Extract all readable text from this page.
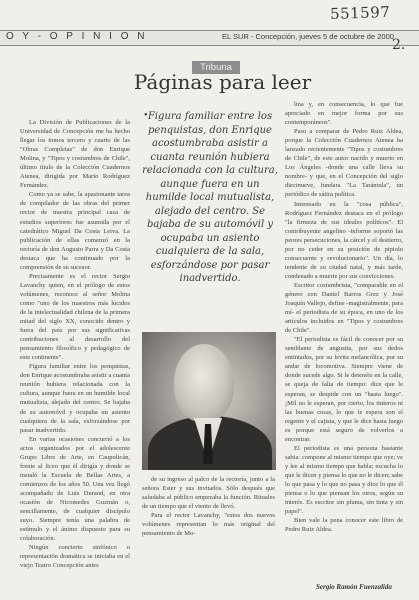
551597
O Y - O P I N I O N	EL SUR - Concepción, jueves 5 de octubre de 2000
2.
Tribuna
Páginas para leer

La División de Publicaciones de la Universidad de Concepción me ha hecho llegar los tomos tercero y cuarto de las "Obras Completas" de don Enrique Molina, y "Tipos y costumbres de Chile", último título de la Colección Cuadernos Atenea, dirigida por Mario Rodríguez Fernández.

Como ya se sabe, la apasionante tarea de compilador de las obras del primer rector de nuestra principal casa de estudios superiores fue asumida por el catedrático Miguel Da Costa Leiva. La publicación de ellas comenzó en la rectoría de don Augusto Parra y Da Costa destaca que ha continuado por la comprensión de su sucesor.

Precisamente es el rector Sergio Lavanchy quien, en el prólogo de estos volúmenes, reconoce al señor Molina como "uno de los maestros más lúcidos de la intelectualidad chilena de la primera mitad del siglo XX, conocido dentro y fuera del país por sus significativas contribuciones al desarrollo del pensamiento filosófico y pedagógico de este continente".

Figura familiar entre los penquistas, don Enrique acostumbraba asistir a cuanta reunión hubiera relacionada con la cultura, aunque fuera en un humilde local mutualista, alejado del centro. Se bajaba de su automóvil y ocupaba un asiento cualquiera de la sala, esforzándose por pasar inadvertido.

En varias ocasiones concurrió a los actos organizados por el adolescente Grupo Libre de Arte, en Caupolicán, frente al liceo que él dirigía y donde se instaló la Escuela de Bellas Artes, a comienzos de los años 50. Una vez llegó acompañado de Luis Durand, en otra ocasión de Nicomedes Guzmán o, sencillamente, de cualquier discípulo suyo. Siempre tenía una palabra de estímulo y el ánimo dispuesto para su colaboración.

Ningún concierto sinfónico o representación dramática se iniciaba en el viejo Teatro Concepción antes

• Figura familiar entre los penquistas, don Enrique acostumbraba asistir a cuanta reunión hubiera relacionada con la cultura, aunque fuera en un humilde local mutualista, alejado del centro. Se bajaba de su automóvil y ocupaba un asiento cualquiera de la sala, esforzándose por pasar inadvertido.

de su ingreso al palco de la rectoría, junto a la señora Ester y sus invitados. Sólo después que saludaba al público empezaba la función. Rituales de un tiempo que el viento de llevó.

Para el rector Lavanchy, "estos dos nuevos volúmenes representan lo más original del pensamiento de Mo-

lina y, en consecuencia, lo que fue apreciado en mejor forma por sus contemporáneos".

Paso a comparar de Pedro Ruiz Aldea, porque la Colección Cuadernos Atenea ha lanzado recientemente "Tipos y costumbres de Chile", de este autor nacido y muerto en Los Ángeles -donde una calle lleva su nombre- y que, en el Concepción del siglo diecinueve, fundara "La Tarántula", un periódico de sátira política.

Interesado en la "cosa pública", Rodríguez Fernández destaca en el prólogo "la firmeza de sus ideales políticos". El contribuyente angelino -informe soportó las peores persecuciones, la cárcel y el destierro, por no ceder en su posición de pipiolo consecuente y revolucionario". Un día, lo tendente de su ciudad natal, y más tarde, condenado a muerte por sus convicciones.

Escritor costumbrista, "comparable en el género con Daniel Barros Grez y José Joaquín Vallejo, define -magistralmente, para mí- el periodista de su época, en uno de los artículos incluidos en "Tipos y costumbres de Chile".

"El periodista es fácil de conocer por su semblante de angustia, por sus dedos entintados, por su levita melancólica, por su andar de locomotiva. Siempre viene de donde sucede algo. Si le detenéis en la calle, se queja de falta de tiempo: dice que le esperan, se despide con un "hasta luego". ¡Mil no le esperan, por cierto, los tinteros ni las buenas cosas, lo que le espera son el regente y el cajista, y que le dice hasta luego es porque está seguro de volverlos a encontrar.

El periodista es una persona bastante sabia: compone al mismo tiempo que oye; ve y lee al mismo tiempo que habla; escucha lo que le dicen y piensa lo que no le dicen; sabe lo que pasa y lo que no pasa y dice lo que él piensa o lo que piensan los otros, según su interés. Es escritor sin pluma, sin tinta y sin papel".

Bien vale la pena conocer este libro de Pedro Ruiz Aldea.

Sergio Ramón Fuenzalida
